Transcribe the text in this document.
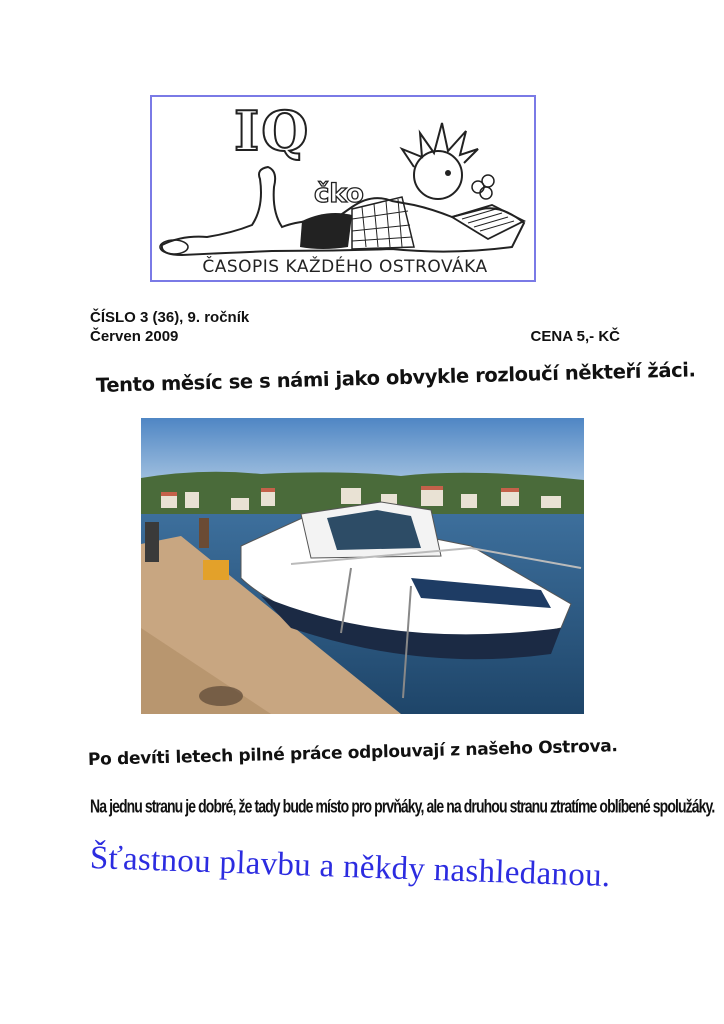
IQ
čko
ČASOPIS KAŽDÉHO OSTROVÁKA
ČÍSLO 3 (36), 9. ročník
Červen 2009	CENA 5,- KČ
Tento měsíc se s námi jako obvykle rozloučí někteří žáci.
Po devíti letech pilné práce odplouvají z našeho Ostrova.
Na jednu stranu je dobré, že tady bude místo pro prvňáky, ale na druhou stranu ztratíme oblíbené spolužáky.
Šťastnou plavbu a někdy nashledanou.
